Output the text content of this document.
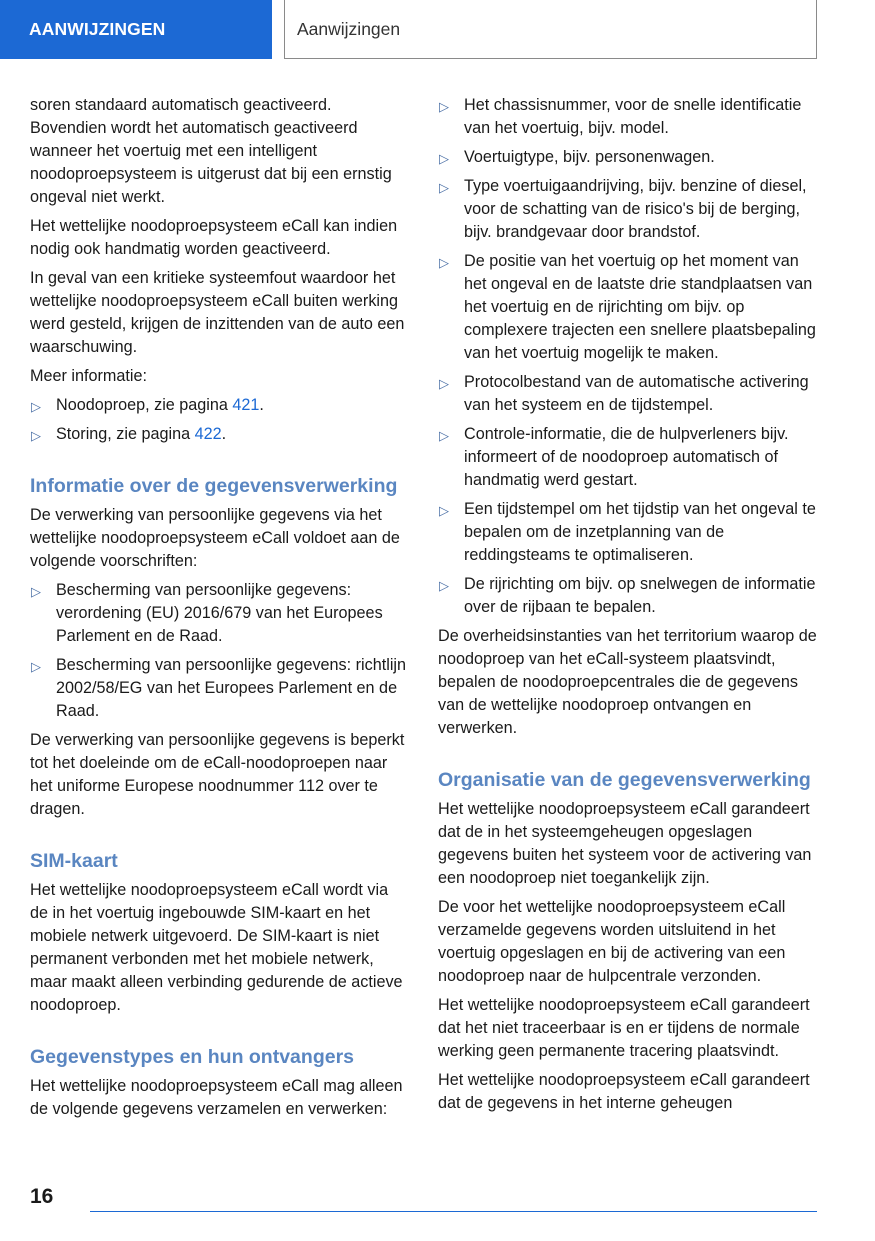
AANWIJZINGEN	Aanwijzingen

soren standaard automatisch geactiveerd. Bovendien wordt het automatisch geactiveerd wanneer het voertuig met een intelligent noodoproepsysteem is uitgerust dat bij een ernstig ongeval niet werkt.

Het wettelijke noodoproepsysteem eCall kan indien nodig ook handmatig worden geactiveerd.

In geval van een kritieke systeemfout waardoor het wettelijke noodoproepsysteem eCall buiten werking werd gesteld, krijgen de inzittenden van de auto een waarschuwing.

Meer informatie:

▷ Noodoproep, zie pagina 421.
▷ Storing, zie pagina 422.
Informatie over de gegevensverwerking

De verwerking van persoonlijke gegevens via het wettelijke noodoproepsysteem eCall voldoet aan de volgende voorschriften:

▷ Bescherming van persoonlijke gegevens: verordening (EU) 2016/679 van het Europees Parlement en de Raad.
▷ Bescherming van persoonlijke gegevens: richtlijn 2002/58/EG van het Europees Parlement en de Raad.

De verwerking van persoonlijke gegevens is beperkt tot het doeleinde om de eCall-noodoproepen naar het uniforme Europese noodnummer 112 over te dragen.

SIM-kaart

Het wettelijke noodoproepsysteem eCall wordt via de in het voertuig ingebouwde SIM-kaart en het mobiele netwerk uitgevoerd. De SIM-kaart is niet permanent verbonden met het mobiele netwerk, maar maakt alleen verbinding gedurende de actieve noodoproep.

Gegevenstypes en hun ontvangers

Het wettelijke noodoproepsysteem eCall mag alleen de volgende gegevens verzamelen en verwerken:

▷ Het chassisnummer, voor de snelle identificatie van het voertuig, bijv. model.
▷ Voertuigtype, bijv. personenwagen.
▷ Type voertuigaandrijving, bijv. benzine of diesel, voor de schatting van de risico's bij de berging, bijv. brandgevaar door brandstof.
▷ De positie van het voertuig op het moment van het ongeval en de laatste drie standplaatsen van het voertuig en de rijrichting om bijv. op complexere trajecten een snellere plaatsbepaling van het voertuig mogelijk te maken.
▷ Protocolbestand van de automatische activering van het systeem en de tijdstempel.
▷ Controle-informatie, die de hulpverleners bijv. informeert of de noodoproep automatisch of handmatig werd gestart.
▷ Een tijdstempel om het tijdstip van het ongeval te bepalen om de inzetplanning van de reddingsteams te optimaliseren.
▷ De rijrichting om bijv. op snelwegen de informatie over de rijbaan te bepalen.

De overheidsinstanties van het territorium waarop de noodoproep van het eCall-systeem plaatsvindt, bepalen de noodoproepcentrales die de gegevens van de wettelijke noodoproep ontvangen en verwerken.

Organisatie van de gegevensverwerking

Het wettelijke noodoproepsysteem eCall garandeert dat de in het systeemgeheugen opgeslagen gegevens buiten het systeem voor de activering van een noodoproep niet toegankelijk zijn.

De voor het wettelijke noodoproepsysteem eCall verzamelde gegevens worden uitsluitend in het voertuig opgeslagen en bij de activering van een noodoproep naar de hulpcentrale verzonden.

Het wettelijke noodoproepsysteem eCall garandeert dat het niet traceerbaar is en er tijdens de normale werking geen permanente tracering plaatsvindt.

Het wettelijke noodoproepsysteem eCall garandeert dat de gegevens in het interne geheugen

16
